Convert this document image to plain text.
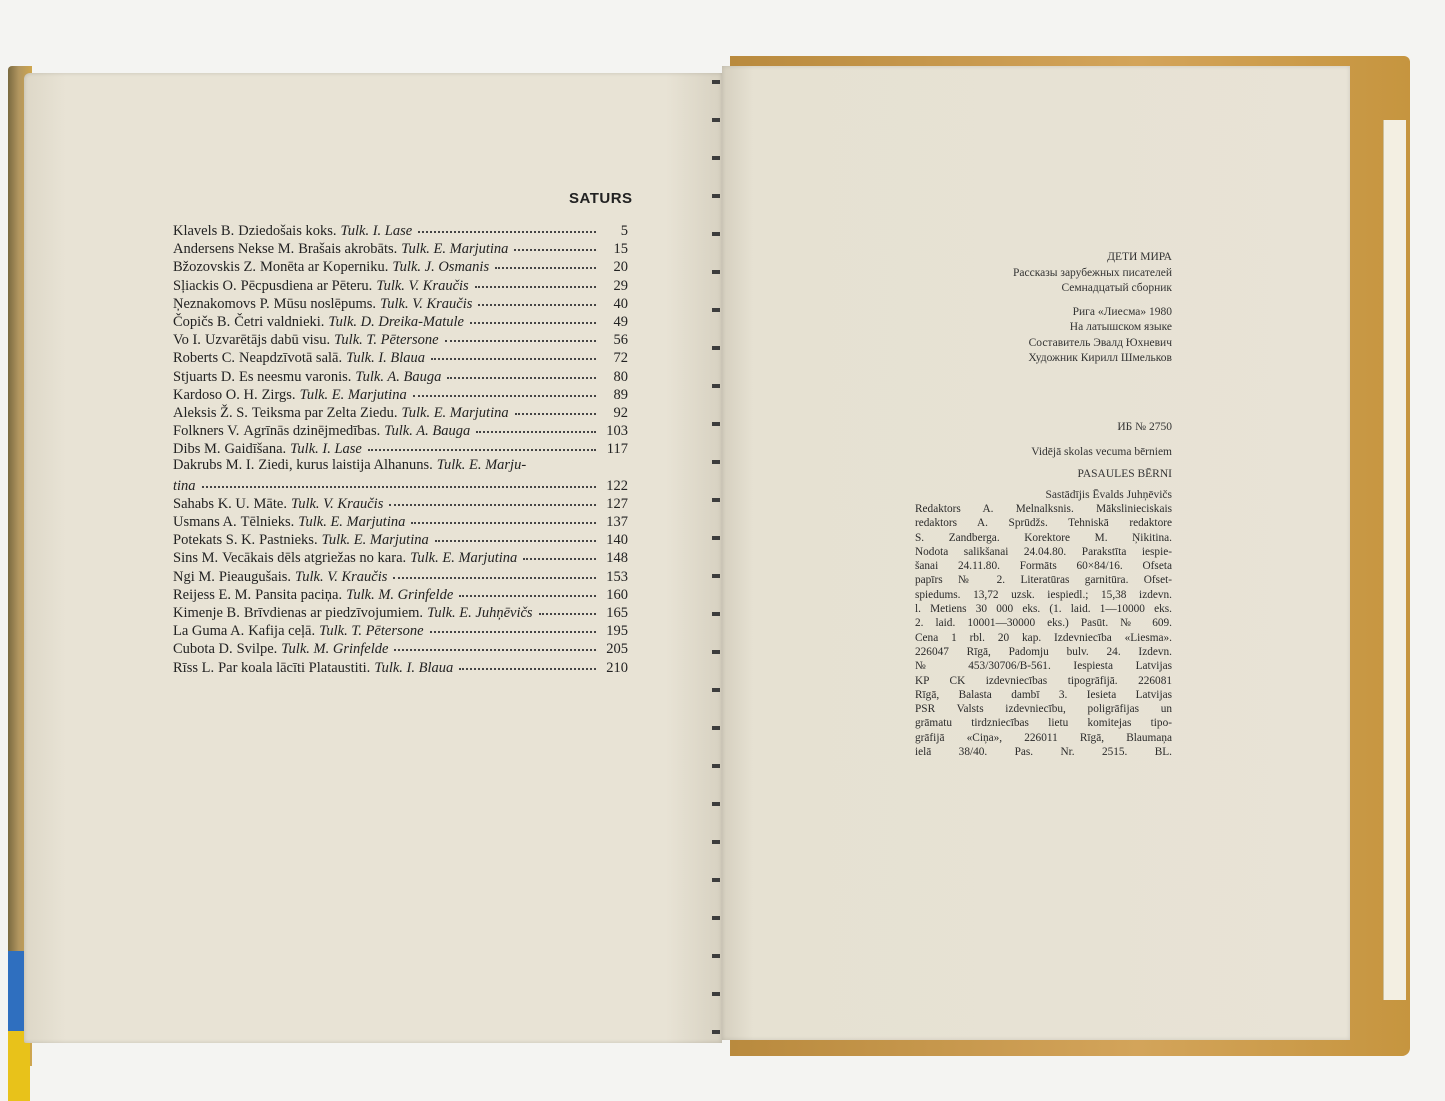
SATURS
Klavels B. Dziedošais koks. Tulk. I. Lase	5
Andersens Nekse M. Brašais akrobāts. Tulk. E. Marjutina	15
Bžozovskis Z. Monēta ar Koperniku. Tulk. J. Osmanis	20
Sļiackis O. Pēcpusdiena ar Pēteru. Tulk. V. Kraučis	29
Ņeznakomovs P. Mūsu noslēpums. Tulk. V. Kraučis	40
Čopičs B. Četri valdnieki. Tulk. D. Dreika-Matule	49
Vo I. Uzvarētājs dabū visu. Tulk. T. Pētersone	56
Roberts C. Neapdzīvotā salā. Tulk. I. Blaua	72
Stjuarts D. Es neesmu varonis. Tulk. A. Bauga	80
Kardoso O. H. Zirgs. Tulk. E. Marjutina	89
Aleksis Ž. S. Teiksma par Zelta Ziedu. Tulk. E. Marjutina	92
Folkners V. Agrīnās dzinējmedības. Tulk. A. Bauga	103
Dibs M. Gaidīšana. Tulk. I. Lase	117
Dakrubs M. I. Ziedi, kurus laistija Alhanuns. Tulk. E. Marju-
tina	122
Sahabs K. U. Māte. Tulk. V. Kraučis	127
Usmans A. Tēlnieks. Tulk. E. Marjutina	137
Potekats S. K. Pastnieks. Tulk. E. Marjutina	140
Sins M. Vecākais dēls atgriežas no kara. Tulk. E. Marjutina	148
Ngi M. Pieaugušais. Tulk. V. Kraučis	153
Reijess E. M. Pansita paciņa. Tulk. M. Grinfelde	160
Kimenje B. Brīvdienas ar piedzīvojumiem. Tulk. E. Juhņēvičs	165
La Guma A. Kafija ceļā. Tulk. T. Pētersone	195
Cubota D. Svilpe. Tulk. M. Grinfelde	205
Rīss L. Par koala lācīti Plataustiti. Tulk. I. Blaua	210
ДЕТИ МИРА
Рассказы зарубежных писателей
Семнадцатый сборник
Рига «Лиесма» 1980
На латышском языке
Составитель Эвалд Юхневич
Художник Кирилл Шмельков
ИБ № 2750
Vidējā skolas vecuma bērniem
PASAULES BĒRNI
Sastādījis Ēvalds Juhņēvičs
Redaktors A. Melnalksnis. Mākslinieciskais
redaktors A. Sprūdžs. Tehniskā redaktore
S. Zandberga. Korektore M. Ņikitina.
Nodota salikšanai 24.04.80. Parakstīta iespie-
šanai 24.11.80. Formāts 60×84/16. Ofseta
papīrs № 2. Literatūras garnitūra. Ofset-
spiedums. 13,72 uzsk. iespiedl.; 15,38 izdevn.
l. Metiens 30 000 eks. (1. laid. 1—10000 eks.
2. laid. 10001—30000 eks.) Pasūt. № 609.
Cena 1 rbl. 20 kap. Izdevniecība «Liesma».
226047 Rīgā, Padomju bulv. 24. Izdevn.
№ 453/30706/B-561. Iespiesta Latvijas
KP CK izdevniecības tipogrāfijā. 226081
Rīgā, Balasta dambī 3. Iesieta Latvijas
PSR Valsts izdevniecību, poligrāfijas un
grāmatu tirdzniecības lietu komitejas tipo-
grāfijā «Ciņa», 226011 Rīgā, Blaumaņa
ielā 38/40. Pas. Nr. 2515. BL.
